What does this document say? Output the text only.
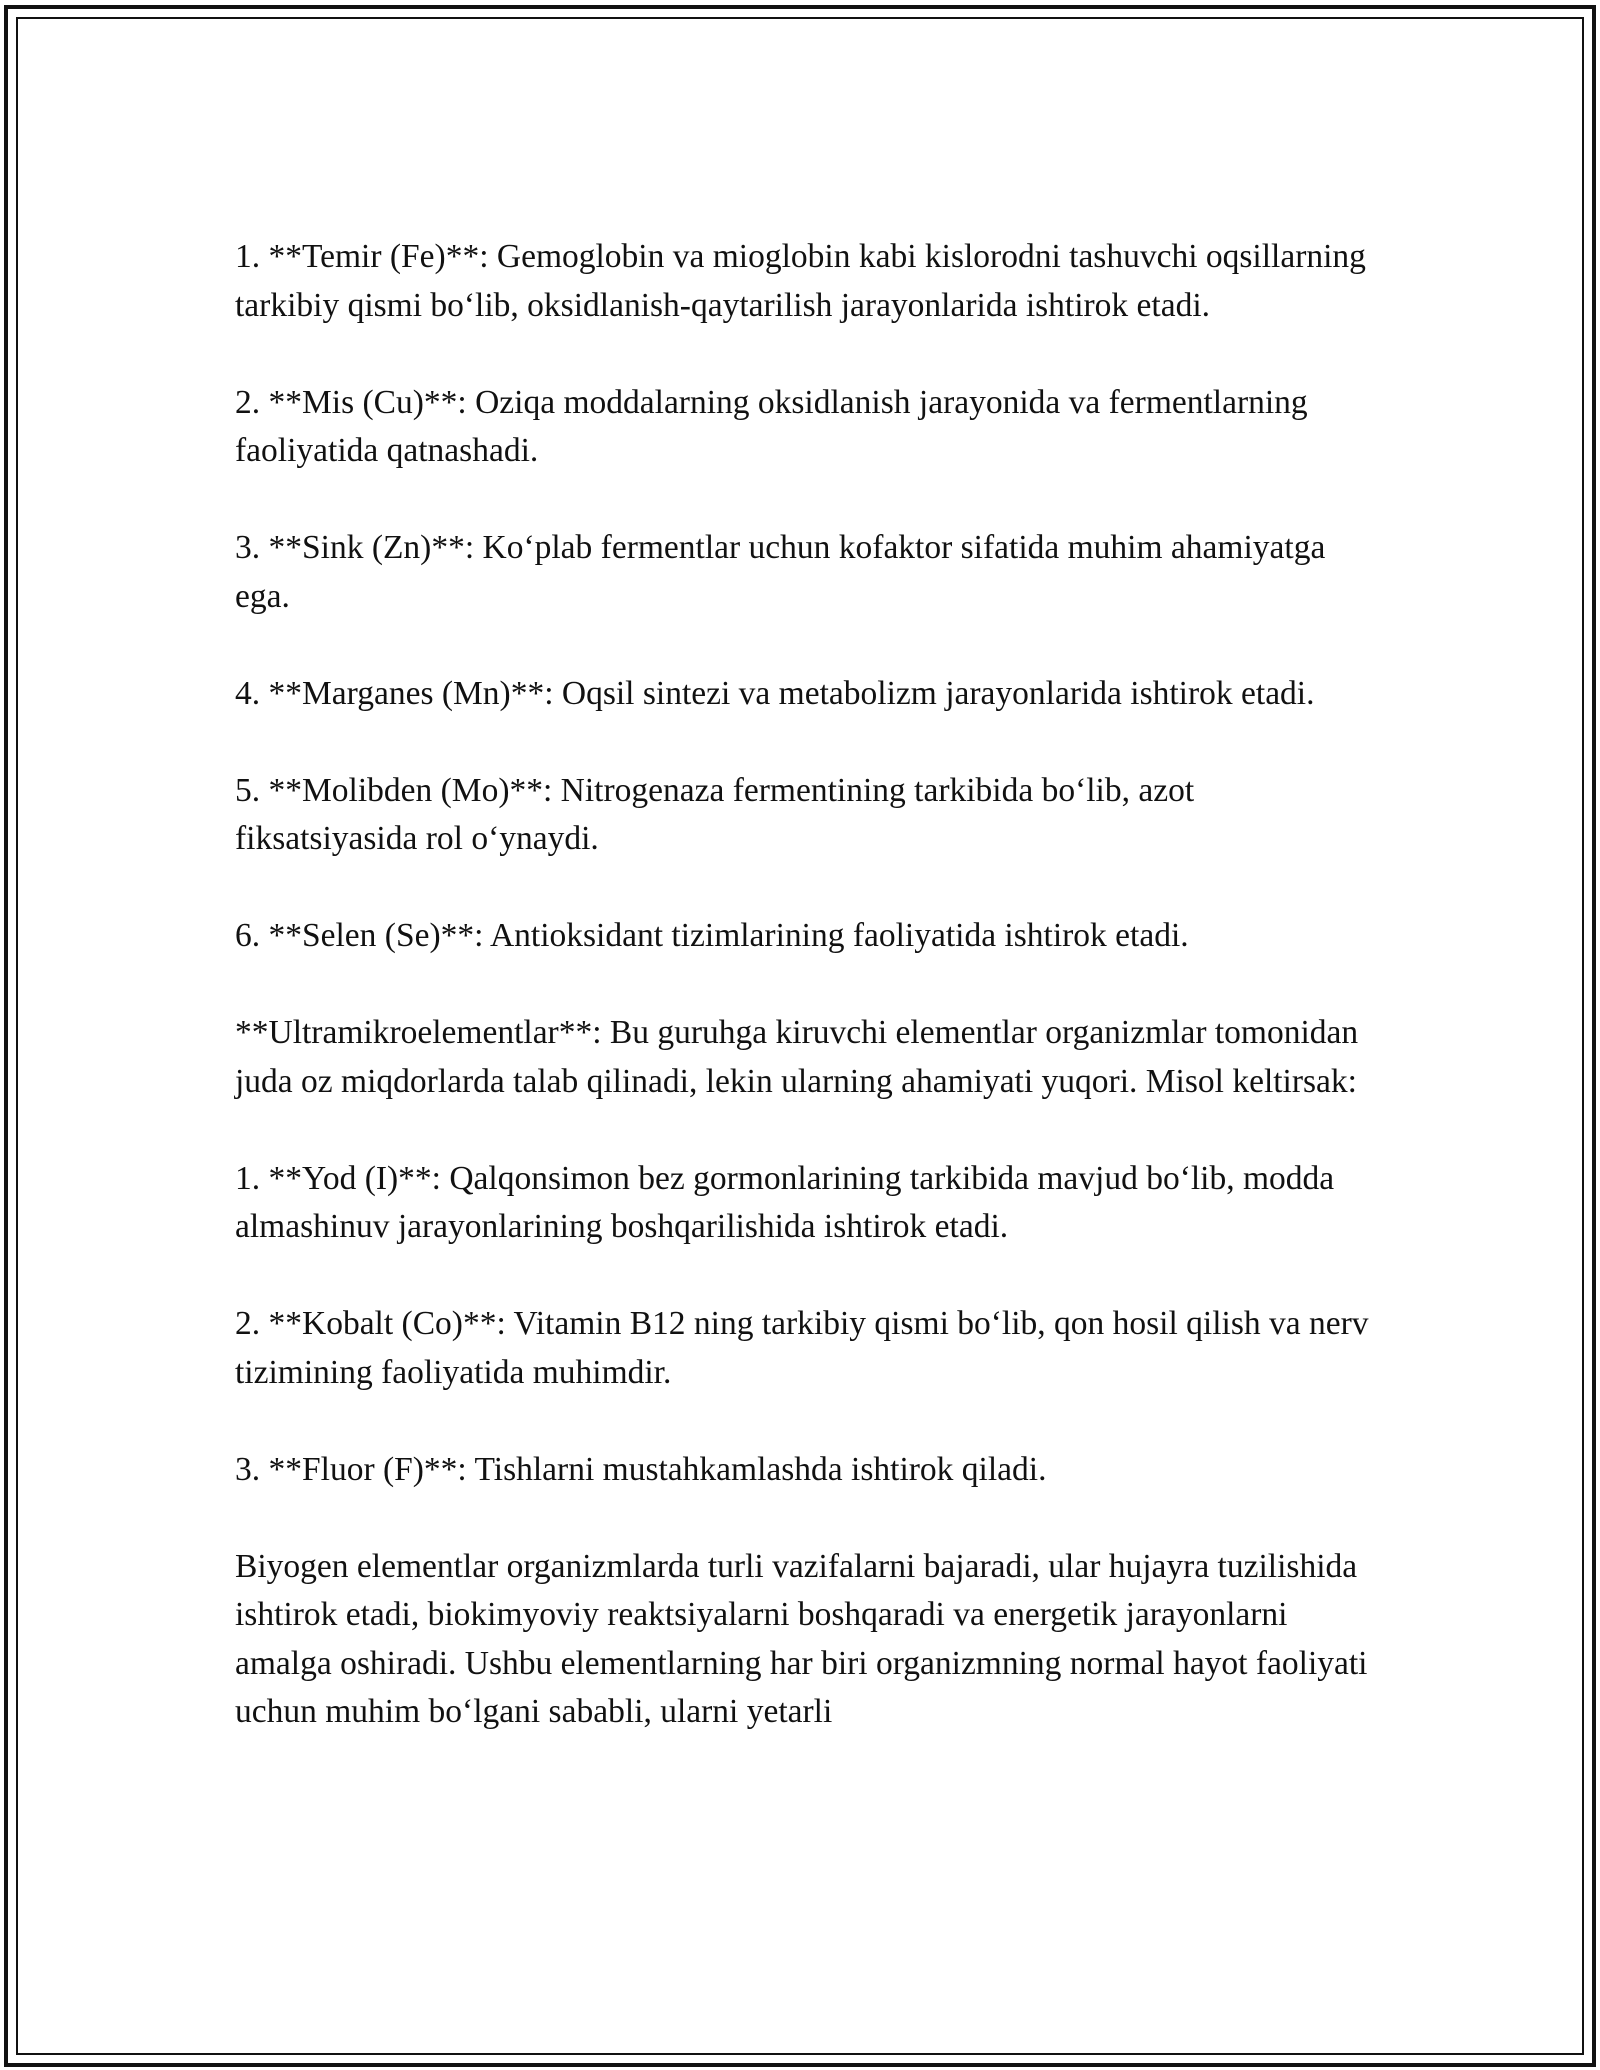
1. **Temir (Fe)**: Gemoglobin va mioglobin kabi kislorodni tashuvchi oqsillarning tarkibiy qismi bo‘lib, oksidlanish-qaytarilish jarayonlarida ishtirok etadi.

2. **Mis (Cu)**: Oziqa moddalarning oksidlanish jarayonida va fermentlarning faoliyatida qatnashadi.

3. **Sink (Zn)**: Ko‘plab fermentlar uchun kofaktor sifatida muhim ahamiyatga ega.

4. **Marganes (Mn)**: Oqsil sintezi va metabolizm jarayonlarida ishtirok etadi.

5. **Molibden (Mo)**: Nitrogenaza fermentining tarkibida bo‘lib, azot fiksatsiyasida rol o‘ynaydi.

6. **Selen (Se)**: Antioksidant tizimlarining faoliyatida ishtirok etadi.

**Ultramikroelementlar**: Bu guruhga kiruvchi elementlar organizmlar tomonidan juda oz miqdorlarda talab qilinadi, lekin ularning ahamiyati yuqori. Misol keltirsak:

1. **Yod (I)**: Qalqonsimon bez gormonlarining tarkibida mavjud bo‘lib, modda almashinuv jarayonlarining boshqarilishida ishtirok etadi.

2. **Kobalt (Co)**: Vitamin B12 ning tarkibiy qismi bo‘lib, qon hosil qilish va nerv tizimining faoliyatida muhimdir.

3. **Fluor (F)**: Tishlarni mustahkamlashda ishtirok qiladi.

Biyogen elementlar organizmlarda turli vazifalarni bajaradi, ular hujayra tuzilishida ishtirok etadi, biokimyoviy reaktsiyalarni boshqaradi va energetik jarayonlarni amalga oshiradi. Ushbu elementlarning har biri organizmning normal hayot faoliyati uchun muhim bo‘lgani sababli, ularni yetarli
